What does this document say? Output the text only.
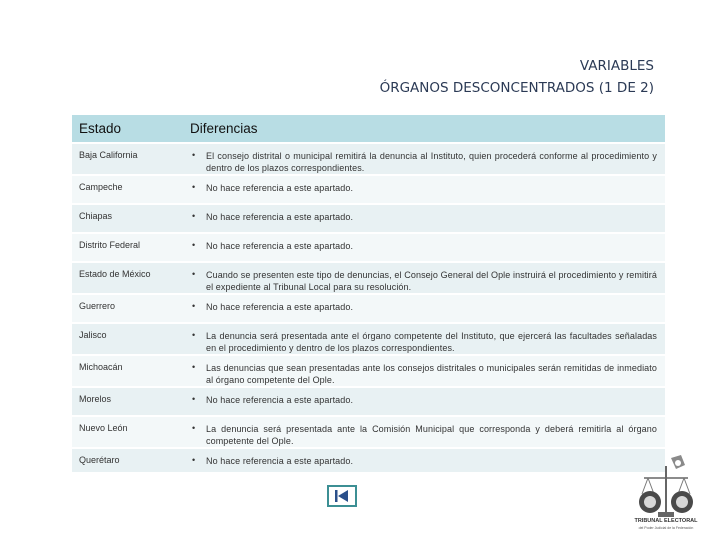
VARIABLES
ÓRGANOS DESCONCENTRADOS (1 DE 2)
Estado	Diferencias
Baja California	• El consejo distrital o municipal remitirá la denuncia al Instituto, quien procederá conforme al procedimiento y dentro de los plazos correspondientes.

Campeche	• No hace referencia a este apartado.

Chiapas	• No hace referencia a este apartado.

Distrito Federal	• No hace referencia a este apartado.

Estado de México	• Cuando se presenten este tipo de denuncias, el Consejo General del Ople instruirá el procedimiento y remitirá el expediente al Tribunal Local para su resolución.

Guerrero	• No hace referencia a este apartado.

Jalisco	• La denuncia será presentada ante el órgano competente del Instituto, que ejercerá las facultades señaladas en el procedimiento y dentro de los plazos correspondientes.

Michoacán	• Las denuncias que sean presentadas ante los consejos distritales o municipales serán remitidas de inmediato al órgano competente del Ople.

Morelos	• No hace referencia a este apartado.

Nuevo León	• La denuncia será presentada ante la Comisión Municipal que corresponda y deberá remitirla al órgano competente del Ople.

Querétaro	• No hace referencia a este apartado.
TRIBUNAL ELECTORAL
del Poder Judicial de la Federación
